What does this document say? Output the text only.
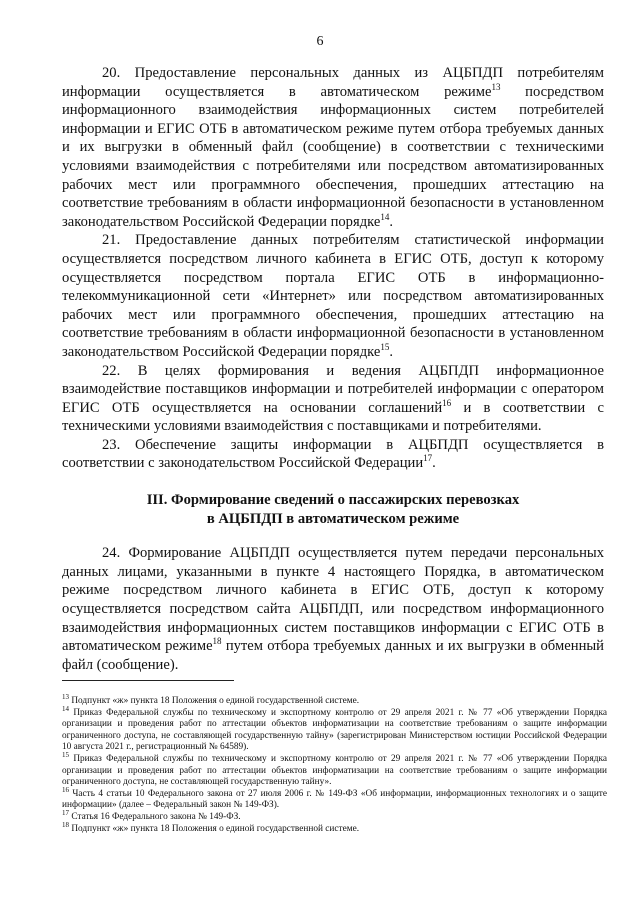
6

20. Предоставление персональных данных из АЦБПДП потребителям информации осуществляется в автоматическом режиме$^{13}$ посредством информационного взаимодействия информационных систем потребителей информации и ЕГИС ОТБ в автоматическом режиме путем отбора требуемых данных и их выгрузки в обменный файл (сообщение) в соответствии с техническими условиями взаимодействия с потребителями или посредством автоматизированных рабочих мест или программного обеспечения, прошедших аттестацию на соответствие требованиям в области информационной безопасности в установленном законодательством Российской Федерации порядке$^{14}$.

21. Предоставление данных потребителям статистической информации осуществляется посредством личного кабинета в ЕГИС ОТБ, доступ к которому осуществляется посредством портала ЕГИС ОТБ в информационно-телекоммуникационной сети «Интернет» или посредством автоматизированных рабочих мест или программного обеспечения, прошедших аттестацию на соответствие требованиям в области информационной безопасности в установленном законодательством Российской Федерации порядке$^{15}$.

22. В целях формирования и ведения АЦБПДП информационное взаимодействие поставщиков информации и потребителей информации с оператором ЕГИС ОТБ осуществляется на основании соглашений$^{16}$ и в соответствии с техническими условиями взаимодействия с поставщиками и потребителями.

23. Обеспечение защиты информации в АЦБПДП осуществляется в соответствии с законодательством Российской Федерации$^{17}$.

III. Формирование сведений о пассажирских перевозках
в АЦБПДП в автоматическом режиме

24. Формирование АЦБПДП осуществляется путем передачи персональных данных лицами, указанными в пункте 4 настоящего Порядка, в автоматическом режиме посредством личного кабинета в ЕГИС ОТБ, доступ к которому осуществляется посредством сайта АЦБПДП, или посредством информационного взаимодействия информационных систем поставщиков информации с ЕГИС ОТБ в автоматическом режиме$^{18}$ путем отбора требуемых данных и их выгрузки в обменный файл (сообщение).

$^{13}$ Подпункт «ж» пункта 18 Положения о единой государственной системе.

$^{14}$ Приказ Федеральной службы по техническому и экспортному контролю от 29 апреля 2021 г. № 77 «Об утверждении Порядка организации и проведения работ по аттестации объектов информатизации на соответствие требованиям о защите информации ограниченного доступа, не составляющей государственную тайну» (зарегистрирован Министерством юстиции Российской Федерации 10 августа 2021 г., регистрационный № 64589).

$^{15}$ Приказ Федеральной службы по техническому и экспортному контролю от 29 апреля 2021 г. № 77 «Об утверждении Порядка организации и проведения работ по аттестации объектов информатизации на соответствие требованиям о защите информации ограниченного доступа, не составляющей государственную тайну».

$^{16}$ Часть 4 статьи 10 Федерального закона от 27 июля 2006 г. № 149-ФЗ «Об информации, информационных технологиях и о защите информации» (далее – Федеральный закон № 149-ФЗ).

$^{17}$ Статья 16 Федерального закона № 149-ФЗ.

$^{18}$ Подпункт «ж» пункта 18 Положения о единой государственной системе.
